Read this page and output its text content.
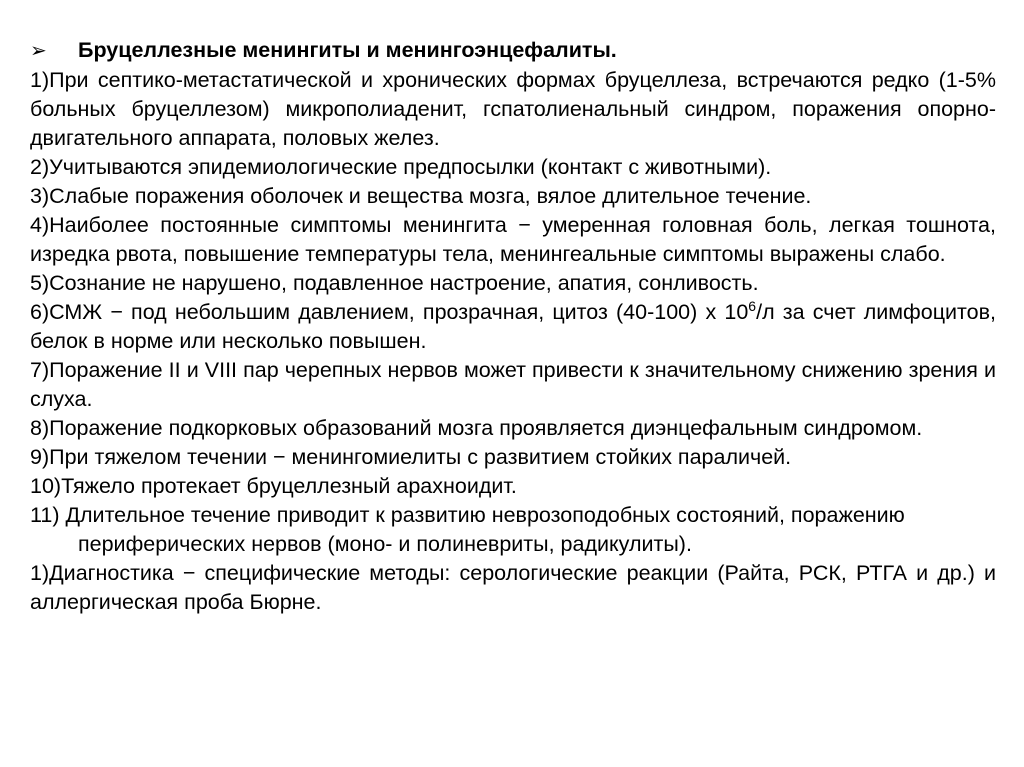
➢	Бруцеллезные менингиты и менингоэнцефалиты.

1)При септико-метастатической и хронических формах бруцеллеза, встречаются редко (1-5% больных бруцеллезом) микрополиаденит, гспатолиенальный синдром, поражения опорно-двигательного аппарата, половых желез.

2)Учитываются эпидемиологические предпосылки (контакт с животными).

3)Слабые поражения оболочек и вещества мозга, вялое длительное течение.

4)Наиболее постоянные симптомы менингита − умеренная головная боль, легкая тошнота, изредка рвота, повышение температуры тела, менингеальные симптомы выражены слабо.

5)Сознание не нарушено, подавленное настроение, апатия, сонливость.

6)СМЖ − под небольшим давлением, прозрачная, цитоз (40-100) х $10^6/л$ за счет лимфоцитов, белок в норме или несколько повышен.

7)Поражение II и VIII пар черепных нервов может привести к значительному снижению зрения и слуха.

8)Поражение подкорковых образований мозга проявляется диэнцефальным синдромом.

9)При тяжелом течении − менингомиелиты с развитием стойких параличей.

10)Тяжело протекает бруцеллезный арахноидит.

11) Длительное течение приводит к развитию неврозоподобных состояний, поражению периферических нервов (моно- и полиневриты, радикулиты).

1)Диагностика − специфические методы: серологические реакции (Райта, РСК, РТГА и др.) и аллергическая проба Бюрне.
